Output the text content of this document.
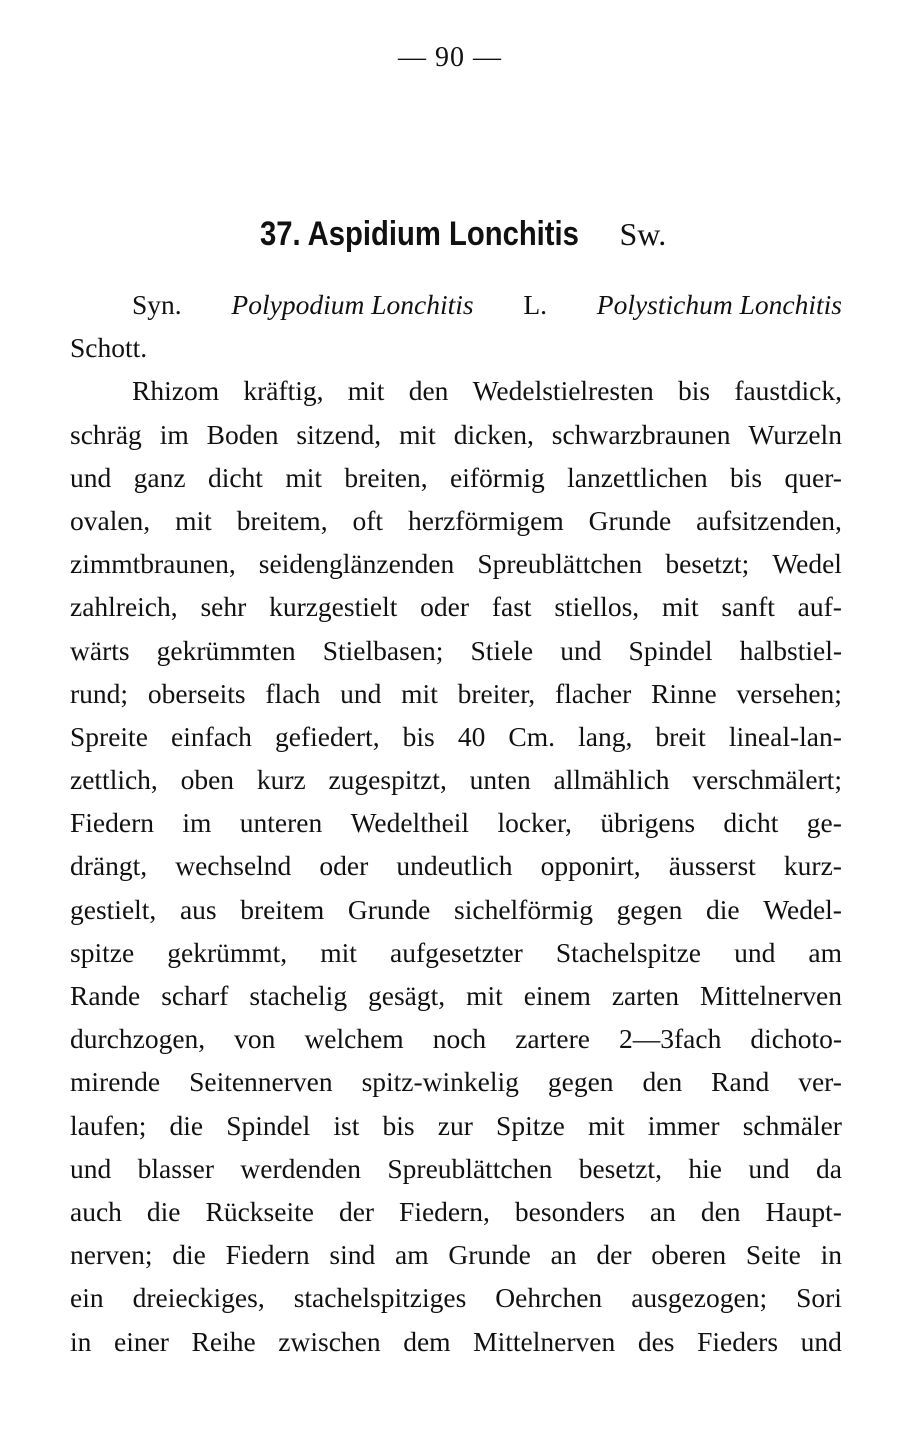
— 90 —
37. Aspidium Lonchitis Sw.
Syn. Polypodium Lonchitis L. Polystichum Lonchitis
Schott.
Rhizom kräftig, mit den Wedelstielresten bis faustdick,
schräg im Boden sitzend, mit dicken, schwarzbraunen Wurzeln
und ganz dicht mit breiten, eiförmig lanzettlichen bis quer-
ovalen, mit breitem, oft herzförmigem Grunde aufsitzenden,
zimmtbraunen, seidenglänzenden Spreublättchen besetzt; Wedel
zahlreich, sehr kurzgestielt oder fast stiellos, mit sanft auf-
wärts gekrümmten Stielbasen; Stiele und Spindel halbstiel-
rund; oberseits flach und mit breiter, flacher Rinne versehen;
Spreite einfach gefiedert, bis 40 Cm. lang, breit lineal-lan-
zettlich, oben kurz zugespitzt, unten allmählich verschmälert;
Fiedern im unteren Wedeltheil locker, übrigens dicht ge-
drängt, wechselnd oder undeutlich opponirt, äusserst kurz-
gestielt, aus breitem Grunde sichelförmig gegen die Wedel-
spitze gekrümmt, mit aufgesetzter Stachelspitze und am
Rande scharf stachelig gesägt, mit einem zarten Mittelnerven
durchzogen, von welchem noch zartere 2—3fach dichoto-
mirende Seitennerven spitz-winkelig gegen den Rand ver-
laufen; die Spindel ist bis zur Spitze mit immer schmäler
und blasser werdenden Spreublättchen besetzt, hie und da
auch die Rückseite der Fiedern, besonders an den Haupt-
nerven; die Fiedern sind am Grunde an der oberen Seite in
ein dreieckiges, stachelspitziges Oehrchen ausgezogen; Sori
in einer Reihe zwischen dem Mittelnerven des Fieders und
